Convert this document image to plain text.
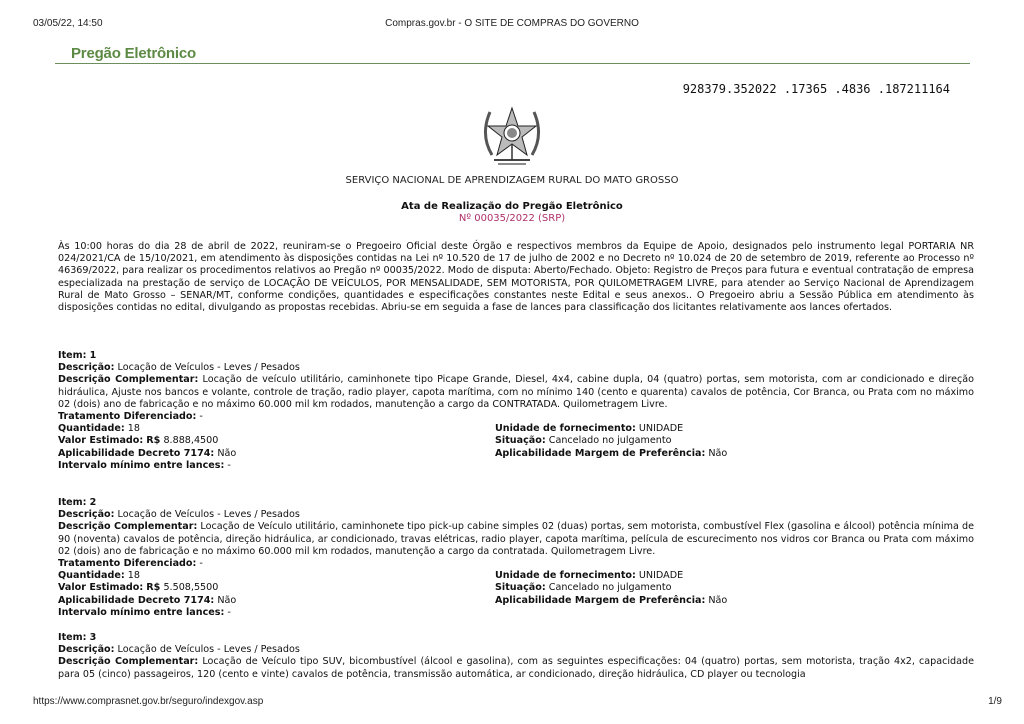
03/05/22, 14:50	Compras.gov.br - O SITE DE COMPRAS DO GOVERNO
Pregão Eletrônico
928379.352022 .17365 .4836 .187211164
SERVIÇO NACIONAL DE APRENDIZAGEM RURAL DO MATO GROSSO
Ata de Realização do Pregão Eletrônico
Nº 00035/2022 (SRP)
Às 10:00 horas do dia 28 de abril de 2022, reuniram-se o Pregoeiro Oficial deste Órgão e respectivos membros da Equipe de Apoio, designados pelo instrumento legal PORTARIA NR 024/2021/CA de 15/10/2021, em atendimento às disposições contidas na Lei nº 10.520 de 17 de julho de 2002 e no Decreto nº 10.024 de 20 de setembro de 2019, referente ao Processo nº 46369/2022, para realizar os procedimentos relativos ao Pregão nº 00035/2022. Modo de disputa: Aberto/Fechado. Objeto: Registro de Preços para futura e eventual contratação de empresa especializada na prestação de serviço de LOCAÇÃO DE VEÍCULOS, POR MENSALIDADE, SEM MOTORISTA, POR QUILOMETRAGEM LIVRE, para atender ao Serviço Nacional de Aprendizagem Rural de Mato Grosso – SENAR/MT, conforme condições, quantidades e especificações constantes neste Edital e seus anexos.. O Pregoeiro abriu a Sessão Pública em atendimento às disposições contidas no edital, divulgando as propostas recebidas. Abriu-se em seguida a fase de lances para classificação dos licitantes relativamente aos lances ofertados.
Item: 1
Descrição: Locação de Veículos - Leves / Pesados
Descrição Complementar: Locação de veículo utilitário, caminhonete tipo Picape Grande, Diesel, 4x4, cabine dupla, 04 (quatro) portas, sem motorista, com ar condicionado e direção hidráulica, Ajuste nos bancos e volante, controle de tração, radio player, capota marítima, com no mínimo 140 (cento e quarenta) cavalos de potência, Cor Branca, ou Prata com no máximo 02 (dois) ano de fabricação e no máximo 60.000 mil km rodados, manutenção a cargo da CONTRATADA. Quilometragem Livre.
Tratamento Diferenciado: -
Quantidade: 18	Unidade de fornecimento: UNIDADE
Valor Estimado: R$ 8.888,4500	Situação: Cancelado no julgamento
Aplicabilidade Decreto 7174: Não	Aplicabilidade Margem de Preferência: Não
Intervalo mínimo entre lances: -
Item: 2
Descrição: Locação de Veículos - Leves / Pesados
Descrição Complementar: Locação de Veículo utilitário, caminhonete tipo pick-up cabine simples 02 (duas) portas, sem motorista, combustível Flex (gasolina e álcool) potência mínima de 90 (noventa) cavalos de potência, direção hidráulica, ar condicionado, travas elétricas, radio player, capota marítima, película de escurecimento nos vidros cor Branca ou Prata com máximo 02 (dois) ano de fabricação e no máximo 60.000 mil km rodados, manutenção a cargo da contratada. Quilometragem Livre.
Tratamento Diferenciado: -
Quantidade: 18	Unidade de fornecimento: UNIDADE
Valor Estimado: R$ 5.508,5500	Situação: Cancelado no julgamento
Aplicabilidade Decreto 7174: Não	Aplicabilidade Margem de Preferência: Não
Intervalo mínimo entre lances: -
Item: 3
Descrição: Locação de Veículos - Leves / Pesados
Descrição Complementar: Locação de Veículo tipo SUV, bicombustível (álcool e gasolina), com as seguintes especificações: 04 (quatro) portas, sem motorista, tração 4x2, capacidade para 05 (cinco) passageiros, 120 (cento e vinte) cavalos de potência, transmissão automática, ar condicionado, direção hidráulica, CD player ou tecnologia
https://www.comprasnet.gov.br/seguro/indexgov.asp	1/9
